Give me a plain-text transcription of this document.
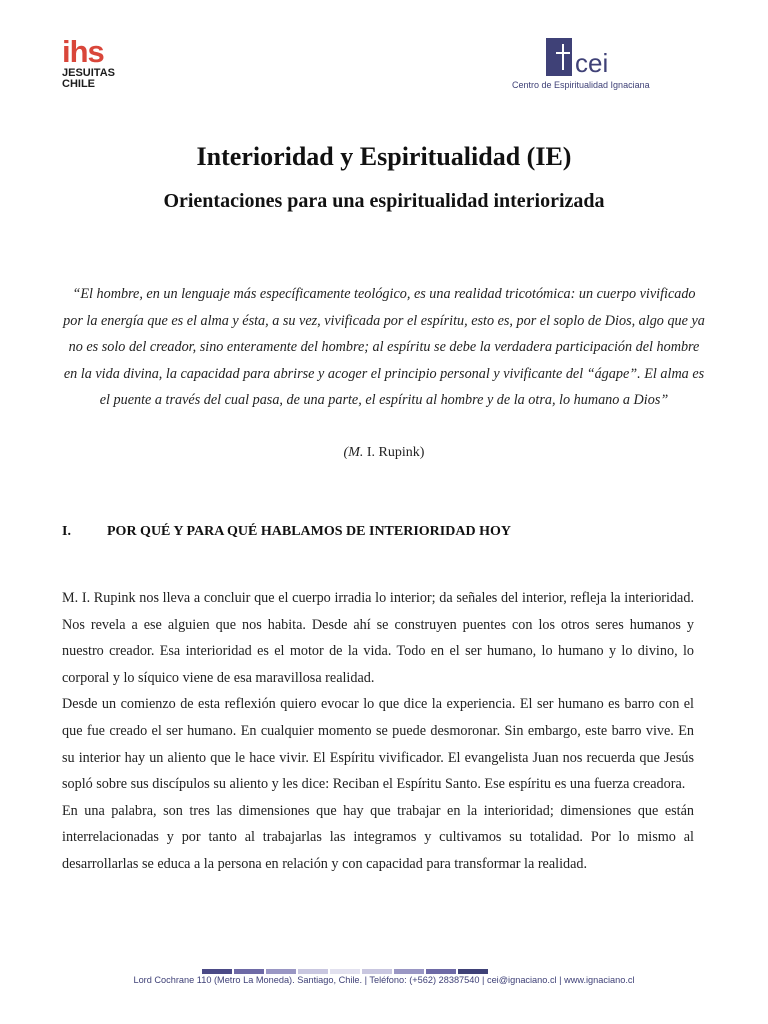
ihs
JESUITAS
CHILE
cei
Centro de Espiritualidad Ignaciana
Interioridad y Espiritualidad (IE)
Orientaciones para una espiritualidad interiorizada
“El hombre, en un lenguaje más específicamente teológico, es una realidad tricotómica: un cuerpo vivificado por la energía que es el alma y ésta, a su vez, vivificada por el espíritu, esto es, por el soplo de Dios, algo que ya no es solo del creador, sino enteramente del hombre; al espíritu se debe la verdadera participación del hombre en la vida divina, la capacidad para abrirse y acoger el principio personal y vivificante del “ágape”. El alma es el puente a través del cual pasa, de una parte, el espíritu al hombre y de la otra, lo humano a Dios”
(M. I. Rupink)
I.	POR QUÉ Y PARA QUÉ HABLAMOS DE INTERIORIDAD HOY

M. I. Rupink nos lleva a concluir que el cuerpo irradia lo interior; da señales del interior, refleja la interioridad. Nos revela a ese alguien que nos habita. Desde ahí se construyen puentes con los otros seres humanos y nuestro creador. Esa interioridad es el motor de la vida. Todo en el ser humano, lo humano y lo divino, lo corporal y lo síquico viene de esa maravillosa realidad.

Desde un comienzo de esta reflexión quiero evocar lo que dice la experiencia. El ser humano es barro con el que fue creado el ser humano. En cualquier momento se puede desmoronar. Sin embargo, este barro vive. En su interior hay un aliento que le hace vivir. El Espíritu vivificador. El evangelista Juan nos recuerda que Jesús sopló sobre sus discípulos su aliento y les dice: Reciban el Espíritu Santo. Ese espíritu es una fuerza creadora.

En una palabra, son tres las dimensiones que hay que trabajar en la interioridad; dimensiones que están interrelacionadas y por tanto al trabajarlas las integramos y cultivamos su totalidad. Por lo mismo al desarrollarlas se educa a la persona en relación y con capacidad para transformar la realidad.

Lord Cochrane 110 (Metro La Moneda). Santiago, Chile. | Teléfono: (+562) 28387540 | cei@ignaciano.cl | www.ignaciano.cl
